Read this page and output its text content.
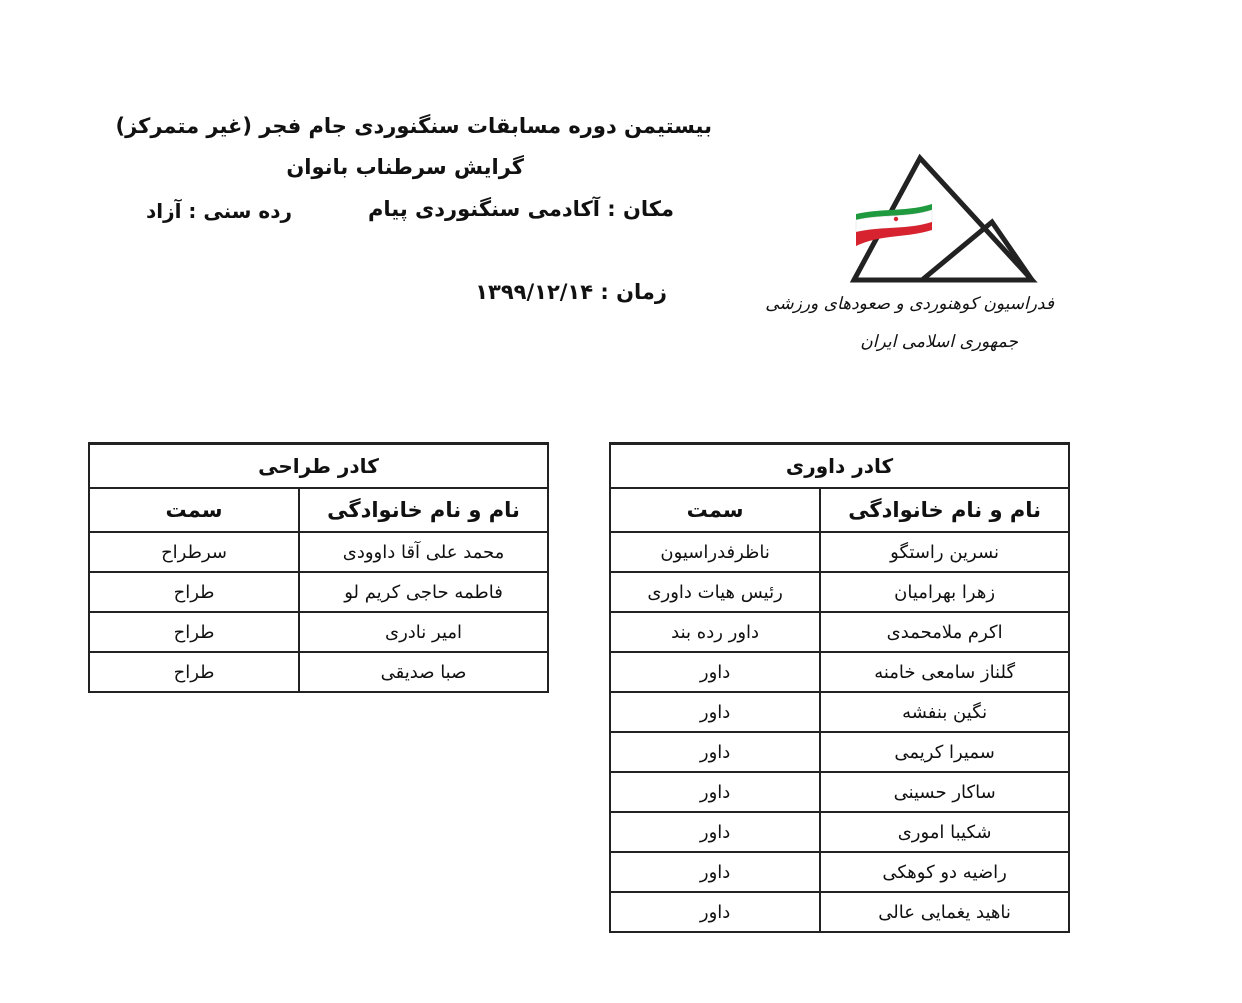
بیستیمن دوره مسابقات سنگنوردی جام فجر (غیر متمرکز)
گرایش سرطناب بانوان
مکان : آکادمی سنگنوردی پیام
رده سنی : آزاد
زمان : ۱۳۹۹/۱۲/۱۴	فدراسیون کوهنوردی و صعودهای ورزشی
جمهوری اسلامی ایران
کادر طراحی	
نام و نام خانوادگی	سمت
محمد علی آقا داوودی	سرطراح
فاطمه حاجی کریم لو	طراح
امیر نادری	طراح
صبا صدیقی	طراح
کادر داوری	
نام و نام خانوادگی	سمت
نسرین راستگو	ناظرفدراسیون
زهرا بهرامیان	رئیس هیات داوری
اکرم ملامحمدی	داور رده بند
گلناز سامعی خامنه	داور
نگین بنفشه	داور
سمیرا کریمی	داور
ساکار حسینی	داور
شکیبا اموری	داور
راضیه دو کوهکی	داور
ناهید یغمایی عالی	داور
